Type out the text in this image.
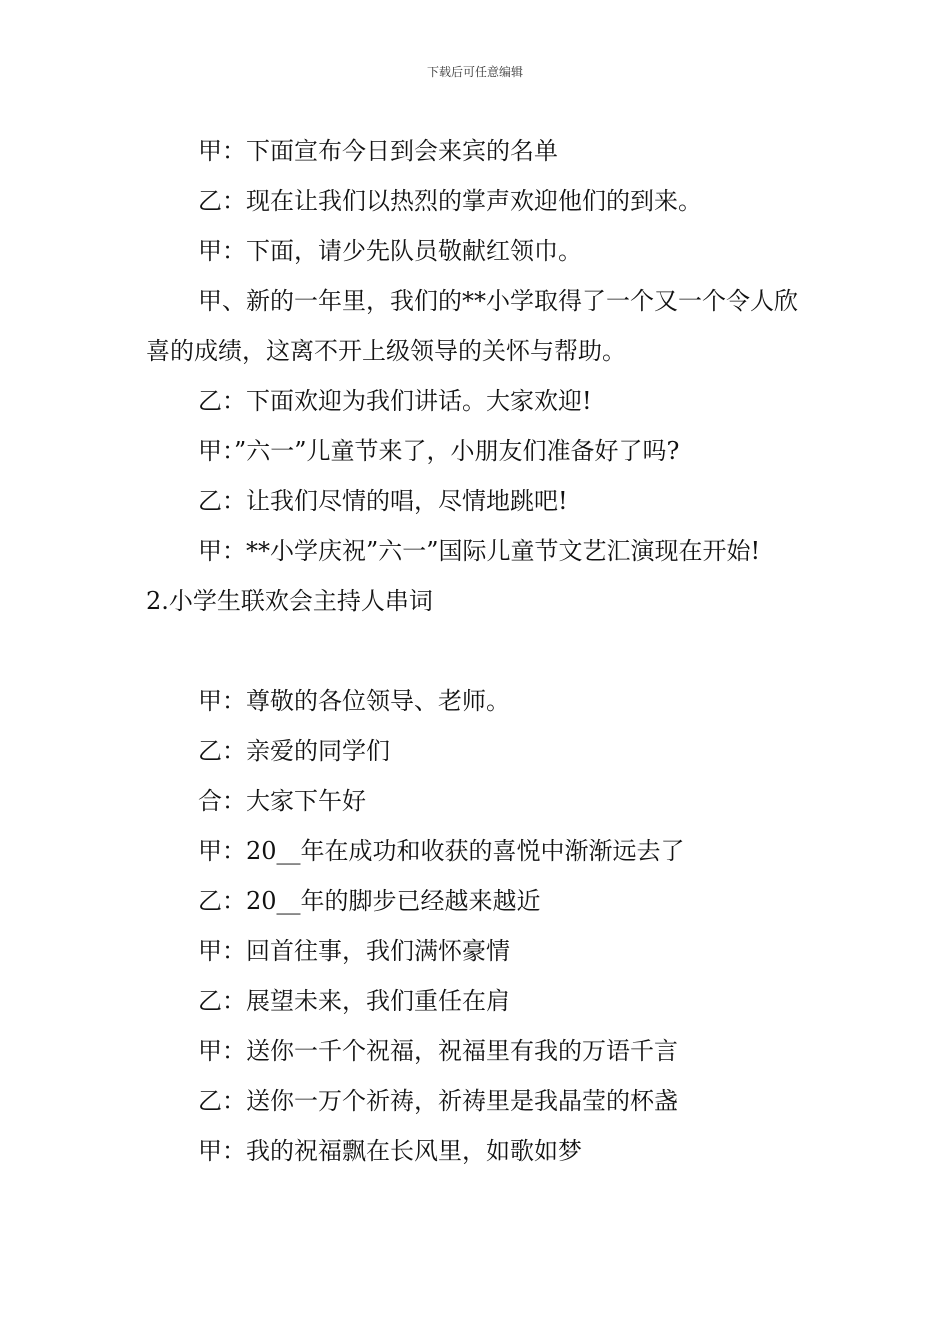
下载后可任意编辑

甲：下面宣布今日到会来宾的名单

乙：现在让我们以热烈的掌声欢迎他们的到来。

甲：下面，请少先队员敬献红领巾。

甲、新的一年里，我们的**小学取得了一个又一个令人欣喜的成绩，这离不开上级领导的关怀与帮助。

乙：下面欢迎为我们讲话。大家欢迎!

甲：”六一”儿童节来了，小朋友们准备好了吗?

乙：让我们尽情的唱，尽情地跳吧!

甲：**小学庆祝”六一”国际儿童节文艺汇演现在开始!

2.小学生联欢会主持人串词

甲：尊敬的各位领导、老师。

乙：亲爱的同学们

合：大家下午好

甲：20__年在成功和收获的喜悦中渐渐远去了

乙：20__年的脚步已经越来越近

甲：回首往事，我们满怀豪情

乙：展望未来，我们重任在肩

甲：送你一千个祝福，祝福里有我的万语千言

乙：送你一万个祈祷，祈祷里是我晶莹的杯盏

甲：我的祝福飘在长风里，如歌如梦
